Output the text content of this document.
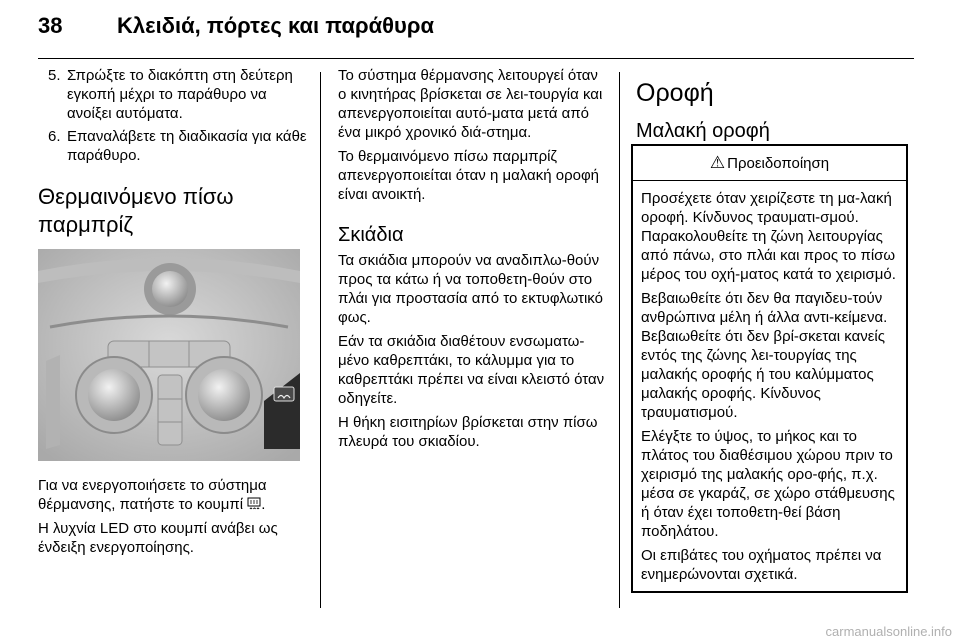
38 Κλειδιά, πόρτες και παράθυρα
5. Σπρώξτε το διακόπτη στη δεύτερη εγκοπή μέχρι το παράθυρο να ανοίξει αυτόματα.
6. Επαναλάβετε τη διαδικασία για κάθε παράθυρο.
Θερμαινόμενο πίσω
παρμπρίζ

Για να ενεργοποιήσετε το σύστημα θέρμανσης, πατήστε το κουμπί .

Η λυχνία LED στο κουμπί ανάβει ως ένδειξη ενεργοποίησης.

Το σύστημα θέρμανσης λειτουργεί όταν ο κινητήρας βρίσκεται σε λει-τουργία και απενεργοποιείται αυτό-ματα μετά από ένα μικρό χρονικό διά-στημα.

Το θερμαινόμενο πίσω παρμπρίζ απενεργοποιείται όταν η μαλακή οροφή είναι ανοικτή.

Σκιάδια

Τα σκιάδια μπορούν να αναδιπλω-θούν προς τα κάτω ή να τοποθετη-θούν στο πλάι για προστασία από το εκτυφλωτικό φως.

Εάν τα σκιάδια διαθέτουν ενσωματω-μένο καθρεπτάκι, το κάλυμμα για το καθρεπτάκι πρέπει να είναι κλειστό όταν οδηγείτε.

Η θήκη εισιτηρίων βρίσκεται στην πίσω πλευρά του σκιαδίου.

Οροφή
Μαλακή οροφή
⚠ Προειδοποίηση

Προσέχετε όταν χειρίζεστε τη μα-λακή οροφή. Κίνδυνος τραυματι-σμού. Παρακολουθείτε τη ζώνη λειτουργίας από πάνω, στο πλάι και προς το πίσω μέρος του οχή-ματος κατά το χειρισμό.

Βεβαιωθείτε ότι δεν θα παγιδευ-τούν ανθρώπινα μέλη ή άλλα αντι-κείμενα. Βεβαιωθείτε ότι δεν βρί-σκεται κανείς εντός της ζώνης λει-τουργίας της μαλακής οροφής ή του καλύμματος μαλακής οροφής. Κίνδυνος τραυματισμού.

Ελέγξτε το ύψος, το μήκος και το πλάτος του διαθέσιμου χώρου πριν το χειρισμό της μαλακής ορο-φής, π.χ. μέσα σε γκαράζ, σε χώρο στάθμευσης ή όταν έχει τοποθετη-θεί βάση ποδηλάτου.

Οι επιβάτες του οχήματος πρέπει να ενημερώνονται σχετικά.

carmanualsonline.info
